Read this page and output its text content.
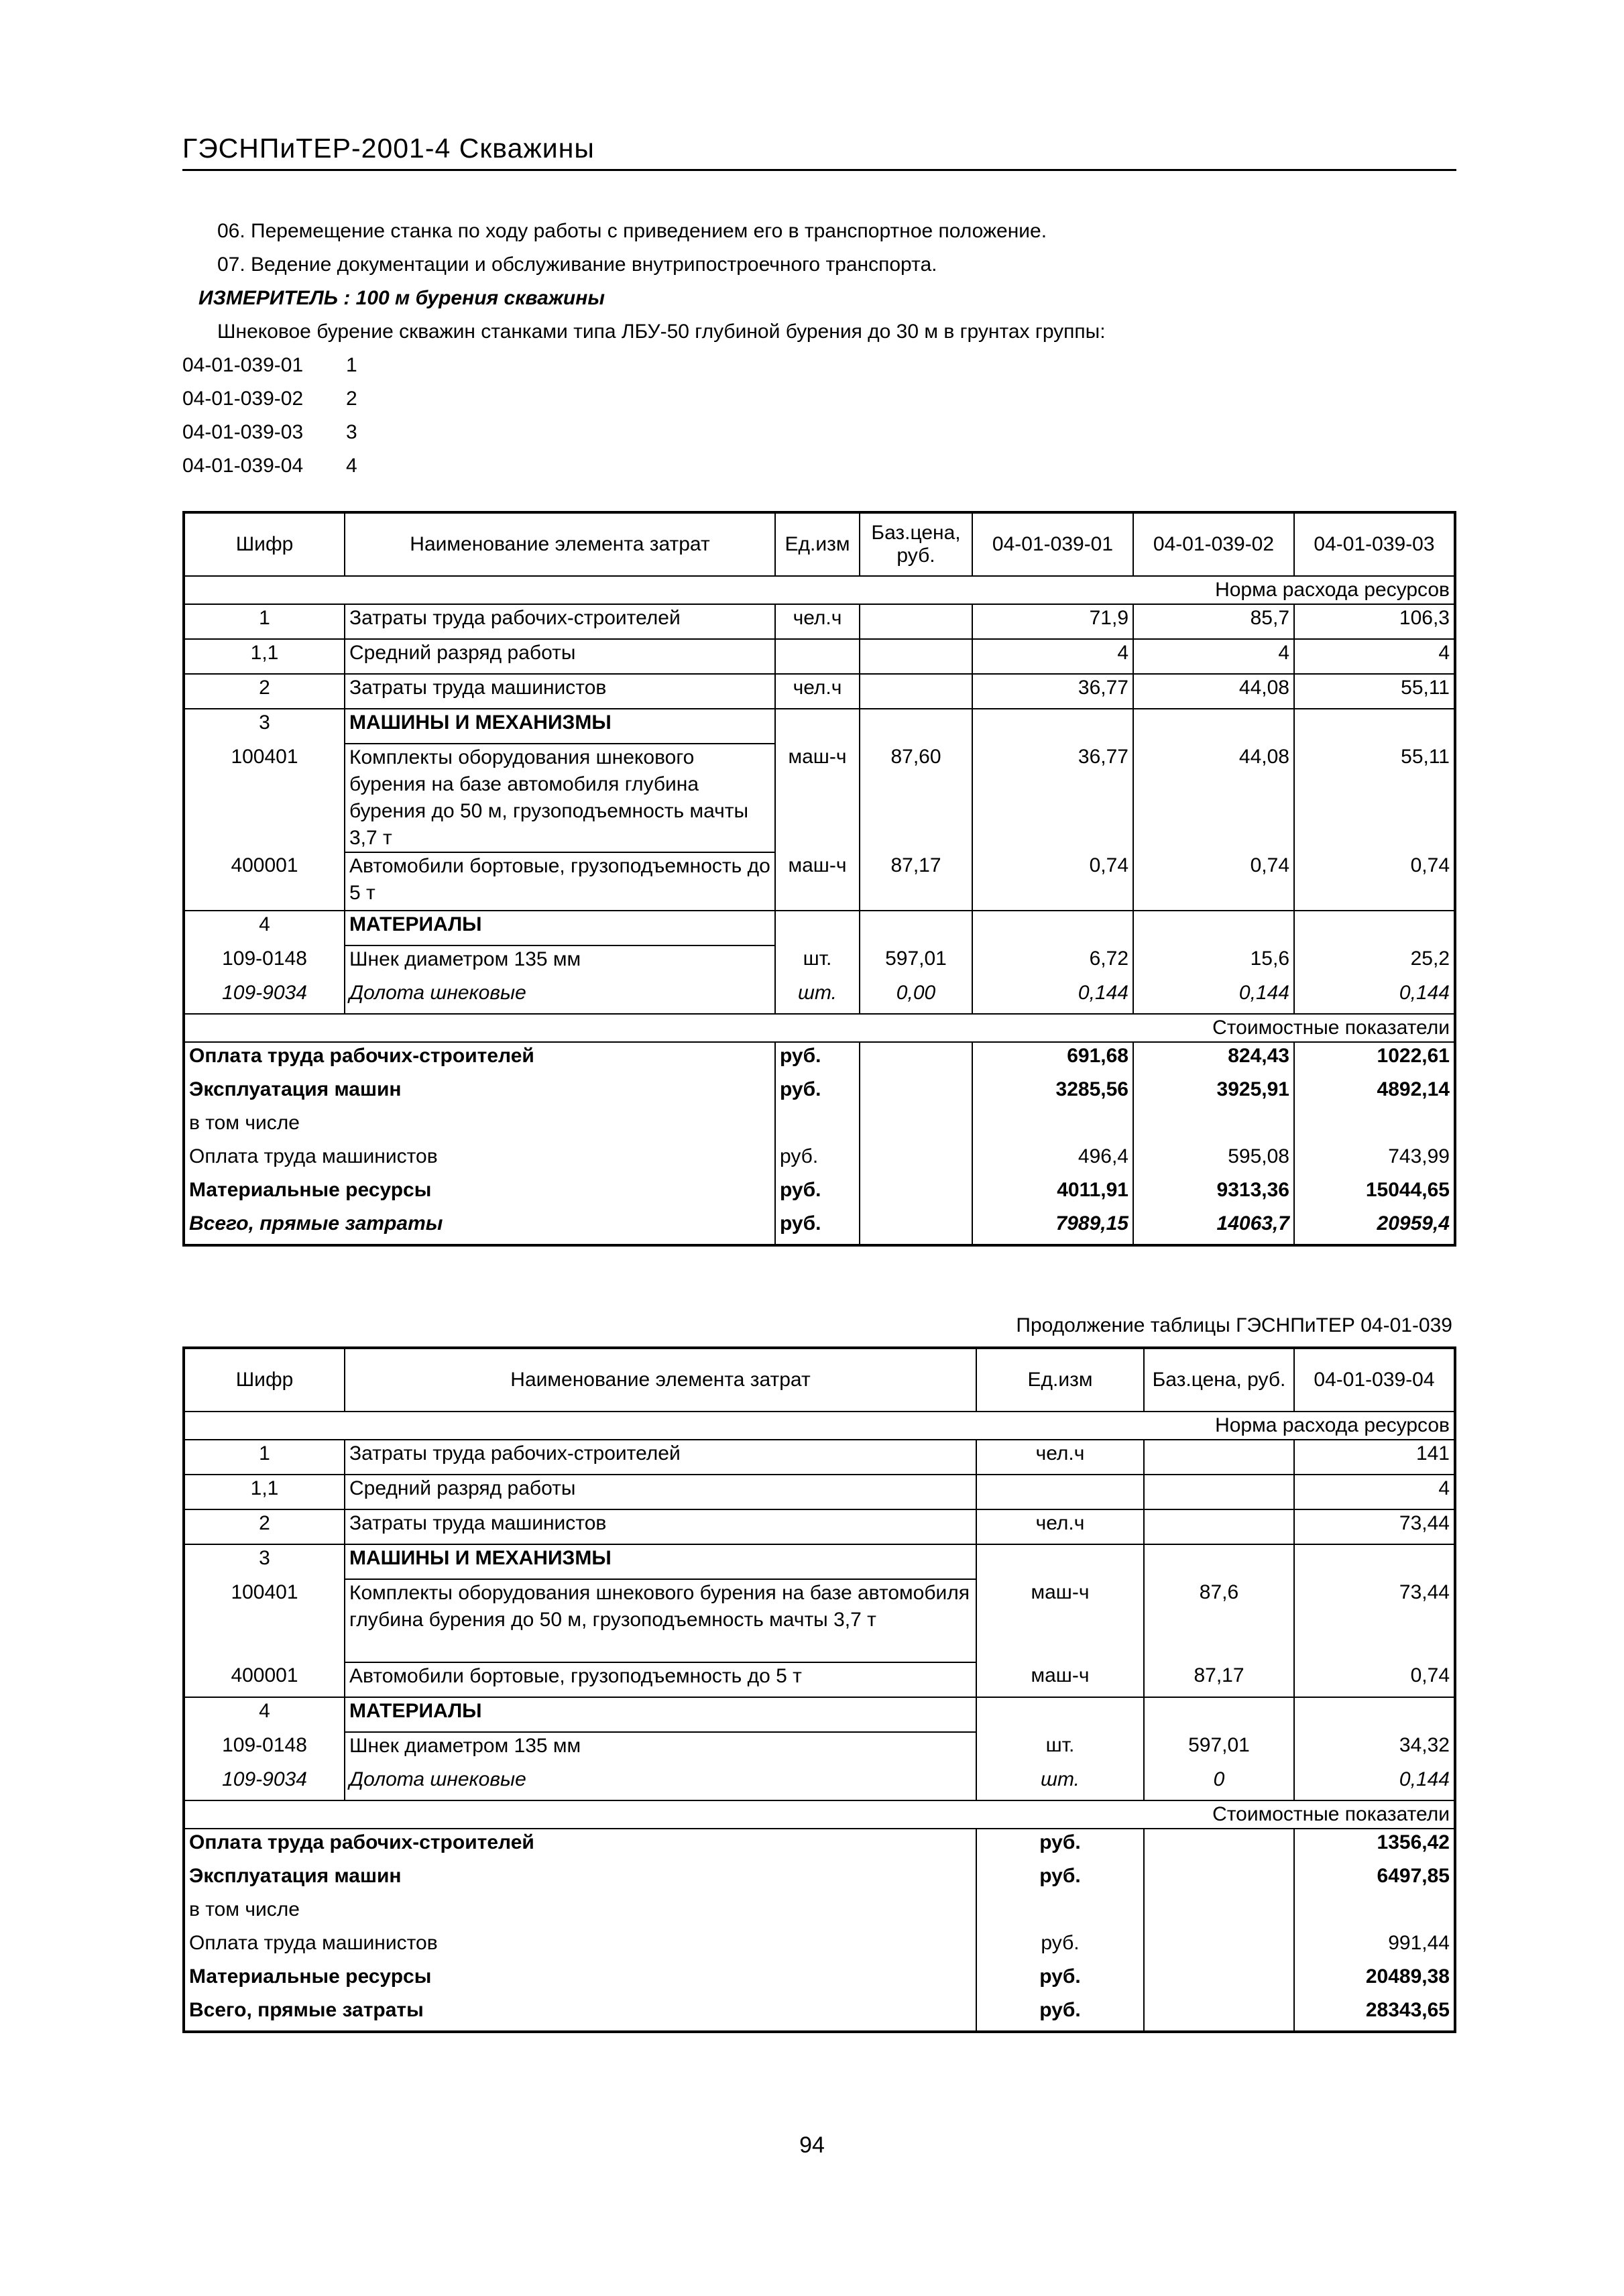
ГЭСНПиТЕР-2001-4 Скважины
06. Перемещение станка по ходу работы с приведением его в транспортное положение.
07. Ведение документации и обслуживание внутрипостроечного транспорта.
ИЗМЕРИТЕЛЬ : 100 м бурения скважины
Шнековое бурение скважин станками типа ЛБУ-50 глубиной бурения до 30 м в грунтах группы:
04-01-039-01 1
04-01-039-02 2
04-01-039-03 3
04-01-039-04 4
Шифр	Наименование элемента затрат	Ед.изм	Баз.цена, руб.	04-01-039-01	04-01-039-02	04-01-039-03
Норма расхода ресурсов						
1	Затраты труда рабочих-строителей	чел.ч		71,9	85,7	106,3
1,1	Средний разряд работы			4	4	4
2	Затраты труда машинистов	чел.ч		36,77	44,08	55,11
3	МАШИНЫ И МЕХАНИЗМЫ					
100401	Комплекты оборудования шнекового бурения на базе автомобиля глубина бурения до 50 м, грузоподъемность мачты 3,7 т	маш-ч	87,60	36,77	44,08	55,11
400001	Автомобили бортовые, грузоподъемность до 5 т	маш-ч	87,17	0,74	0,74	0,74
4	МАТЕРИАЛЫ					
109-0148	Шнек диаметром 135 мм	шт.	597,01	6,72	15,6	25,2
109-9034	Долота шнековые	шт.	0,00	0,144	0,144	0,144
Стоимостные показатели						
Оплата труда рабочих-строителей		руб.		691,68	824,43	1022,61
Эксплуатация машин		руб.		3285,56	3925,91	4892,14
в том числе						
Оплата труда машинистов		руб.		496,4	595,08	743,99
Материальные ресурсы		руб.		4011,91	9313,36	15044,65
Всего, прямые затраты		руб.		7989,15	14063,7	20959,4
Продолжение таблицы ГЭСНПиТЕР 04-01-039
Шифр	Наименование элемента затрат	Ед.изм	Баз.цена, руб.	04-01-039-04
Норма расхода ресурсов				
1	Затраты труда рабочих-строителей	чел.ч		141
1,1	Средний разряд работы			4
2	Затраты труда машинистов	чел.ч		73,44
3	МАШИНЫ И МЕХАНИЗМЫ			
100401	Комплекты оборудования шнекового бурения на базе автомобиля глубина бурения до 50 м, грузоподъемность мачты 3,7 т	маш-ч	87,6	73,44
400001	Автомобили бортовые, грузоподъемность до 5 т	маш-ч	87,17	0,74
4	МАТЕРИАЛЫ			
109-0148	Шнек диаметром 135 мм	шт.	597,01	34,32
109-9034	Долота шнековые	шт.	0	0,144
Стоимостные показатели				
Оплата труда рабочих-строителей		руб.		1356,42
Эксплуатация машин		руб.		6497,85
в том числе				
Оплата труда машинистов		руб.		991,44
Материальные ресурсы		руб.		20489,38
Всего, прямые затраты		руб.		28343,65
94
